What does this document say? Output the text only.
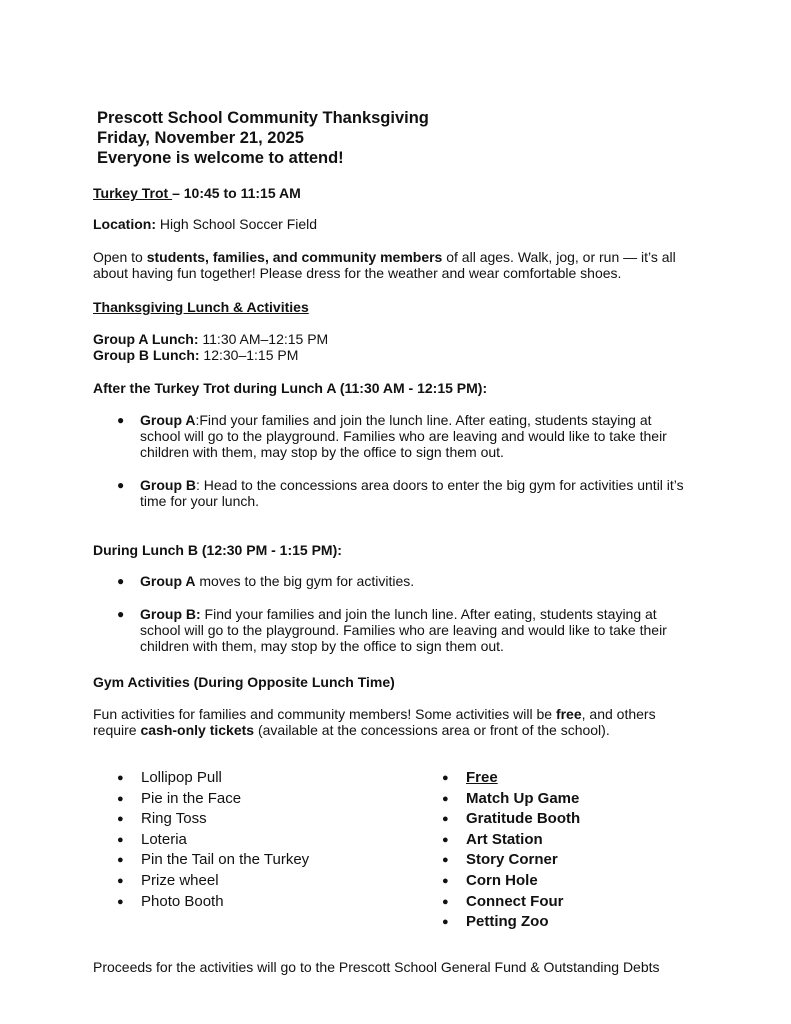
Prescott School Community Thanksgiving
Friday, November 21, 2025
Everyone is welcome to attend!
Turkey Trot – 10:45 to 11:15 AM
Location: High School Soccer Field
Open to students, families, and community members of all ages. Walk, jog, or run — it’s all
about having fun together! Please dress for the weather and wear comfortable shoes.
Thanksgiving Lunch & Activities
Group A Lunch: 11:30 AM–12:15 PM
Group B Lunch: 12:30–1:15 PM
After the Turkey Trot during Lunch A (11:30 AM - 12:15 PM):
● Group A:Find your families and join the lunch line. After eating, students staying at
school will go to the playground. Families who are leaving and would like to take their
children with them, may stop by the office to sign them out.
● Group B: Head to the concessions area doors to enter the big gym for activities until it’s
time for your lunch.
During Lunch B (12:30 PM - 1:15 PM):
● Group A moves to the big gym for activities.
● Group B: Find your families and join the lunch line. After eating, students staying at
school will go to the playground. Families who are leaving and would like to take their
children with them, may stop by the office to sign them out.
Gym Activities (During Opposite Lunch Time)
Fun activities for families and community members! Some activities will be free, and others
require cash-only tickets (available at the concessions area or front of the school).
● Lollipop Pull
● Pie in the Face
● Ring Toss
● Loteria
● Pin the Tail on the Turkey
● Prize wheel
● Photo Booth
● Free
● Match Up Game
● Gratitude Booth
● Art Station
● Story Corner
● Corn Hole
● Connect Four
● Petting Zoo
Proceeds for the activities will go to the Prescott School General Fund & Outstanding Debts
